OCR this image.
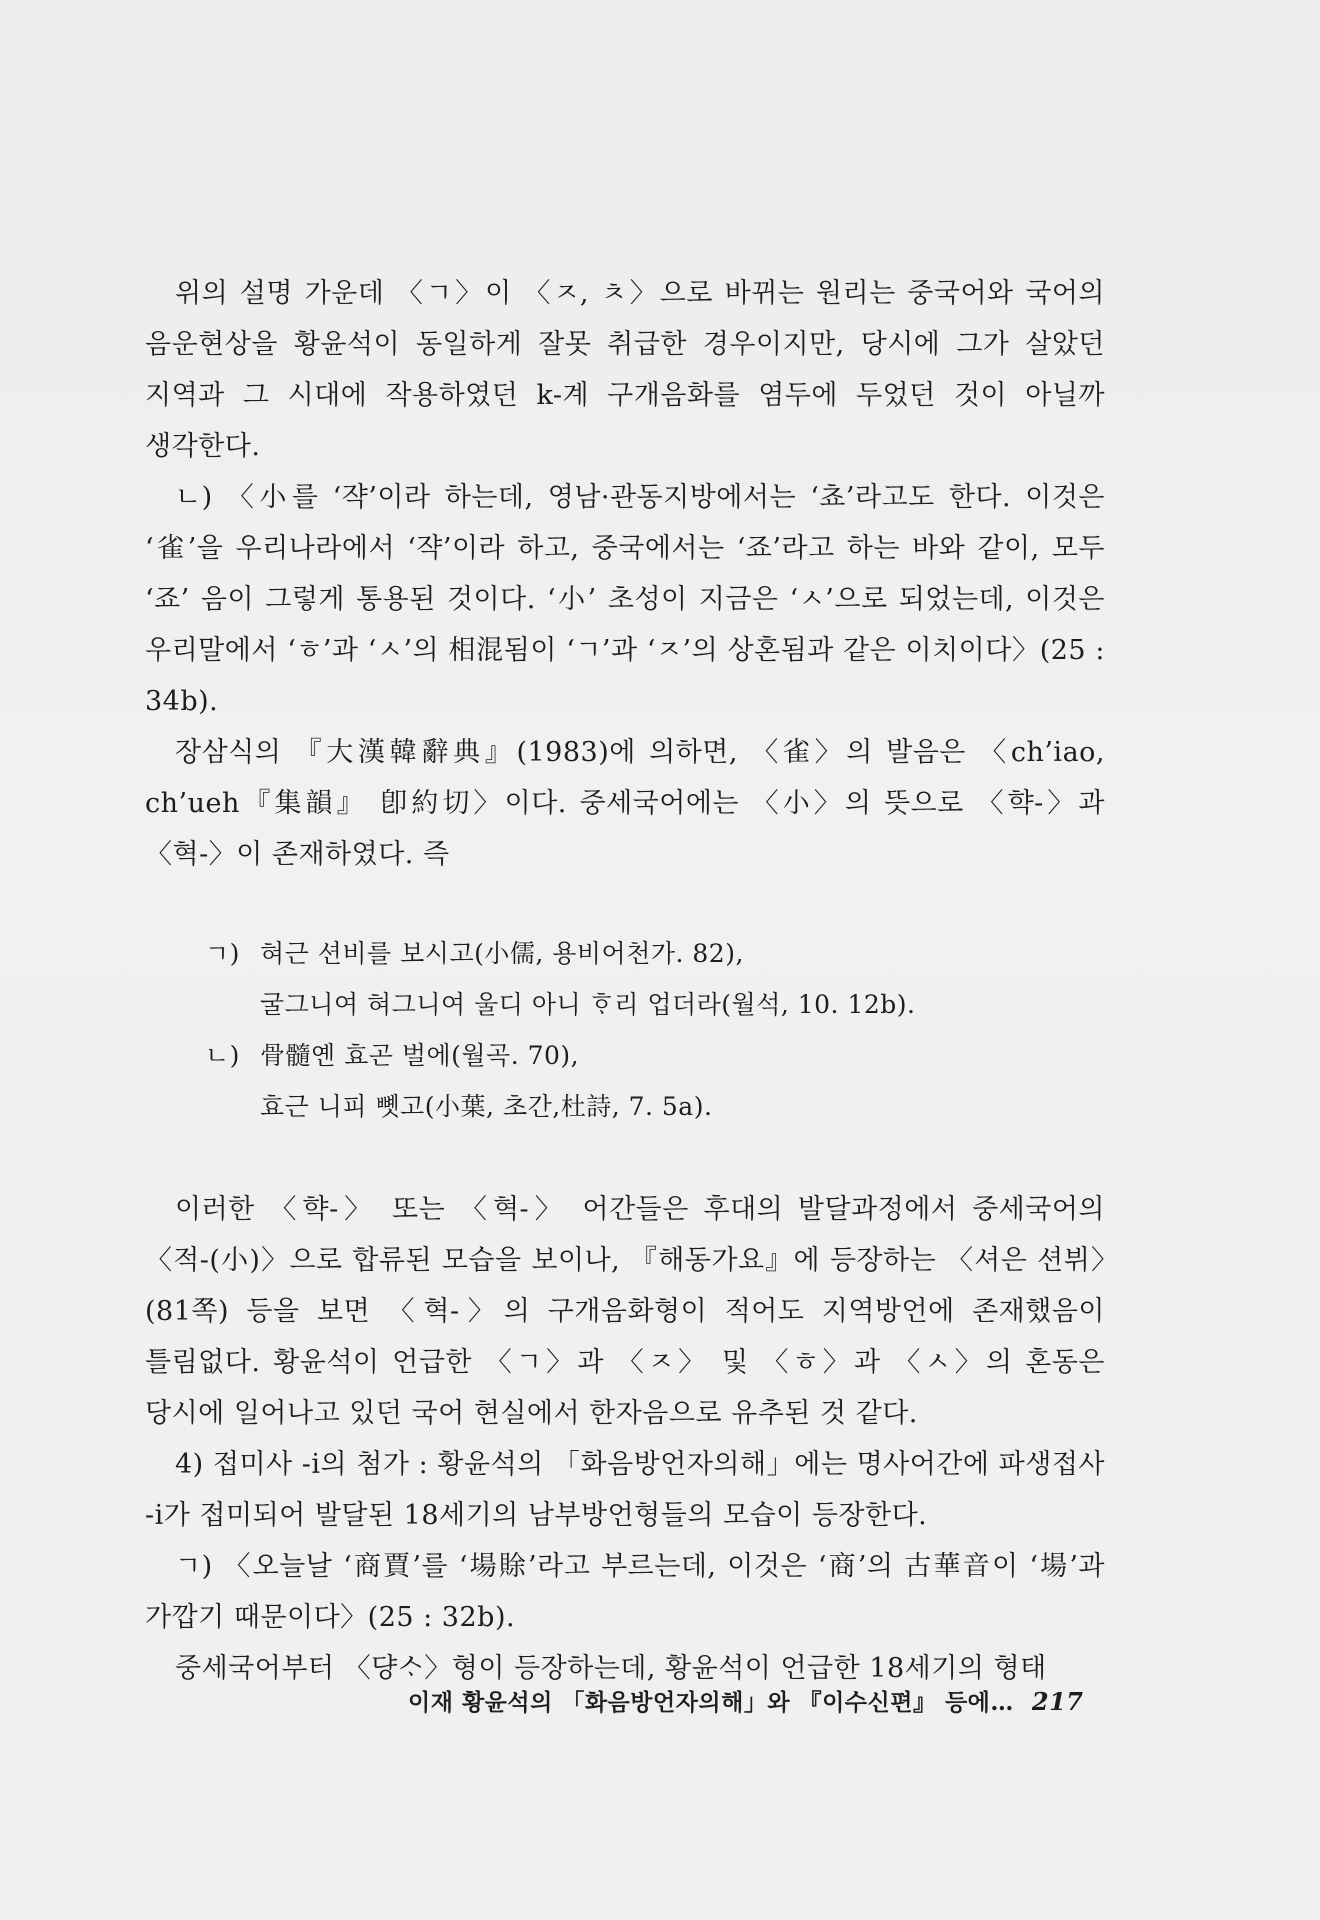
위의 설명 가운데 〈ㄱ〉이 〈ㅈ, ㅊ〉으로 바뀌는 원리는 중국어와 국어의 음운현상을 황윤석이 동일하게 잘못 취급한 경우이지만, 당시에 그가 살았던 지역과 그 시대에 작용하였던 k-계 구개음화를 염두에 두었던 것이 아닐까 생각한다.

ㄴ) 〈小를 ‘쟉’이라 하는데, 영남·관동지방에서는 ‘쵸’라고도 한다. 이것은 ‘雀’을 우리나라에서 ‘쟉’이라 하고, 중국에서는 ‘죠’라고 하는 바와 같이, 모두 ‘죠’ 음이 그렇게 통용된 것이다. ‘小’ 초성이 지금은 ‘ㅅ’으로 되었는데, 이것은 우리말에서 ‘ㅎ’과 ‘ㅅ’의 相混됨이 ‘ㄱ’과 ‘ㅈ’의 상혼됨과 같은 이치이다〉(25 : 34b).

장삼식의 『大漢韓辭典』(1983)에 의하면, 〈雀〉의 발음은 〈ch’iao, ch’ueh『集韻』 卽約切〉이다. 중세국어에는 〈小〉의 뜻으로 〈햑-〉과 〈혁-〉이 존재하였다. 즉

ㄱ) 혀근 션비를 보시고(小儒, 용비어천가. 82),
굴그니여 혀그니여 울디 아니 ᄒᆞ리 업더라(월석, 10. 12b).
ㄴ) 骨髓옌 효곤 벌에(월곡. 70),
효근 니피 뼷고(小葉, 초간,杜詩, 7. 5a).

이러한 〈햑-〉 또는 〈혁-〉 어간들은 후대의 발달과정에서 중세국어의 〈적-(小)〉으로 합류된 모습을 보이나, 『해동가요』에 등장하는 〈셔은 션뷔〉(81쪽) 등을 보면 〈혁-〉의 구개음화형이 적어도 지역방언에 존재했음이 틀림없다. 황윤석이 언급한 〈ㄱ〉과 〈ㅈ〉 및 〈ㅎ〉과 〈ㅅ〉의 혼동은 당시에 일어나고 있던 국어 현실에서 한자음으로 유추된 것 같다.

4) 접미사 -i의 첨가 : 황윤석의 「화음방언자의해」에는 명사어간에 파생접사 -i가 접미되어 발달된 18세기의 남부방언형들의 모습이 등장한다.

ㄱ) 〈오늘날 ‘商賈’를 ‘場賖’라고 부르는데, 이것은 ‘商’의 古華音이 ‘場’과 가깝기 때문이다〉(25 : 32b).

중세국어부터 〈댱ᄉᆞ〉형이 등장하는데, 황윤석이 언급한 18세기의 형태

이재 황윤석의 「화음방언자의해」와 『이수신편』 등에… 217
